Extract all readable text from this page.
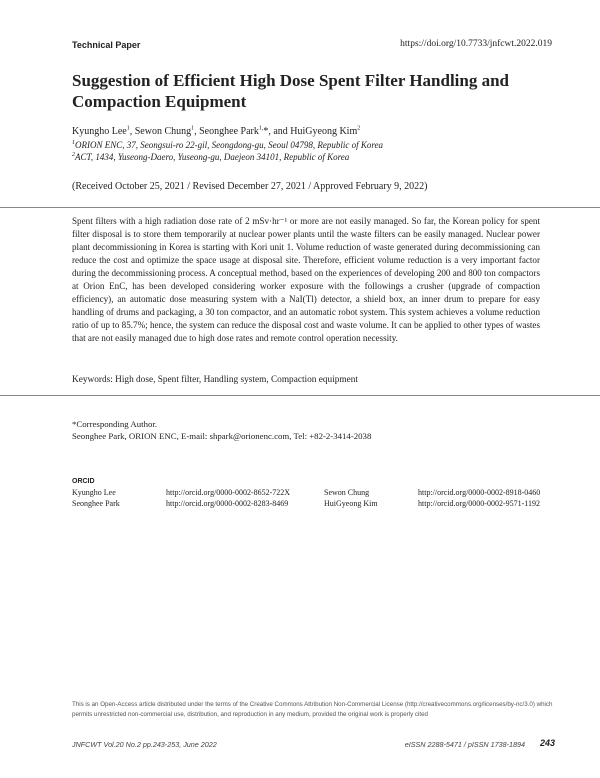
Technical Paper	https://doi.org/10.7733/jnfcwt.2022.019
Suggestion of Efficient High Dose Spent Filter Handling and
Compaction Equipment
Kyungho Lee$^1$, Sewon Chung$^1$, Seonghee Park$^{1,}$*, and HuiGyeong Kim$^2$
$^1$ORION ENC, 37, Seongsui-ro 22-gil, Seongdong-gu, Seoul 04798, Republic of Korea
$^2$ACT, 1434, Yuseong-Daero, Yuseong-gu, Daejeon 34101, Republic of Korea
(Received October 25, 2021 / Revised December 27, 2021 / Approved February 9, 2022)

Spent filters with a high radiation dose rate of 2 mSv·hr⁻¹ or more are not easily managed. So far, the Korean policy for spent filter disposal is to store them temporarily at nuclear power plants until the waste filters can be easily managed. Nuclear power plant decommissioning in Korea is starting with Kori unit 1. Volume reduction of waste generated during decommissioning can reduce the cost and optimize the space usage at disposal site. Therefore, efficient volume reduction is a very important factor during the decommissioning process. A conceptual method, based on the experiences of developing 200 and 800 ton compactors at Orion EnC, has been developed considering worker exposure with the followings a crusher (upgrade of compaction efficiency), an automatic dose measuring system with a NaI(Tl) detector, a shield box, an inner drum to prepare for easy handling of drums and packaging, a 30 ton compactor, and an automatic robot system. This system achieves a volume reduction ratio of up to 85.7%; hence, the system can reduce the disposal cost and waste volume. It can be applied to other types of wastes that are not easily managed due to high dose rates and remote control operation necessity.

Keywords: High dose, Spent filter, Handling system, Compaction equipment
*Corresponding Author.
Seonghee Park, ORION ENC, E-mail: shpark@orionenc.com, Tel: +82-2-3414-2038
ORCID
Kyungho Lee	http://orcid.org/0000-0002-8652-722X	Sewon Chung	http://orcid.org/0000-0002-8918-0460
Seonghee Park	http://orcid.org/0000-0002-8283-8469	HuiGyeong Kim	http://orcid.org/0000-0002-9571-1192
This is an Open-Access article distributed under the terms of the Creative Commons Attribution Non-Commercial License (http://creativecommons.org/licenses/by-nc/3.0) which permits unrestricted non-commercial use, distribution, and reproduction in any medium, provided the original work is properly cited
JNFCWT Vol.20 No.2 pp.243-253, June 2022	eISSN 2288-5471 / pISSN 1738-1894 243
